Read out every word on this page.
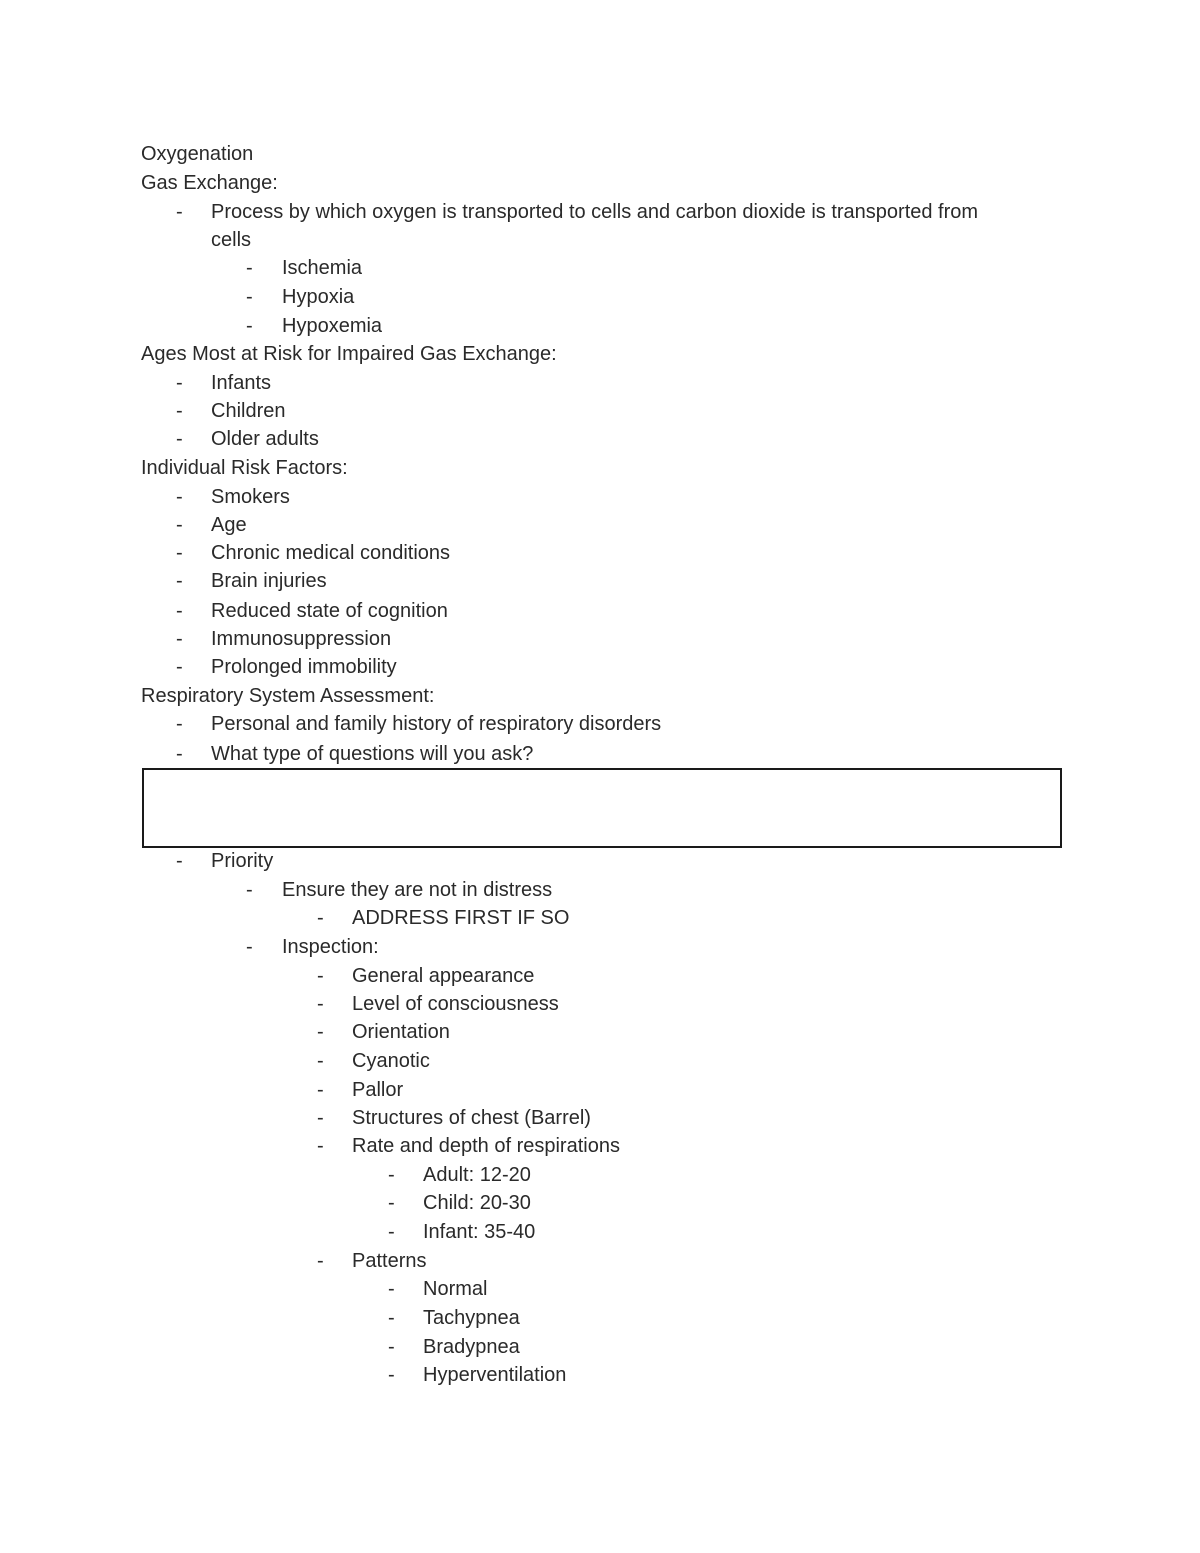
Oxygenation
Gas Exchange:
- Process by which oxygen is transported to cells and carbon dioxide is transported from
cells
- Ischemia
- Hypoxia
- Hypoxemia
Ages Most at Risk for Impaired Gas Exchange:
- Infants
- Children
- Older adults
Individual Risk Factors:
- Smokers
- Age
- Chronic medical conditions
- Brain injuries
- Reduced state of cognition
- Immunosuppression
- Prolonged immobility
Respiratory System Assessment:
- Personal and family history of respiratory disorders
- What type of questions will you ask?
- Priority
- Ensure they are not in distress
- ADDRESS FIRST IF SO
- Inspection:
- General appearance
- Level of consciousness
- Orientation
- Cyanotic
- Pallor
- Structures of chest (Barrel)
- Rate and depth of respirations
- Adult: 12-20
- Child: 20-30
- Infant: 35-40
- Patterns
- Normal
- Tachypnea
- Bradypnea
- Hyperventilation
